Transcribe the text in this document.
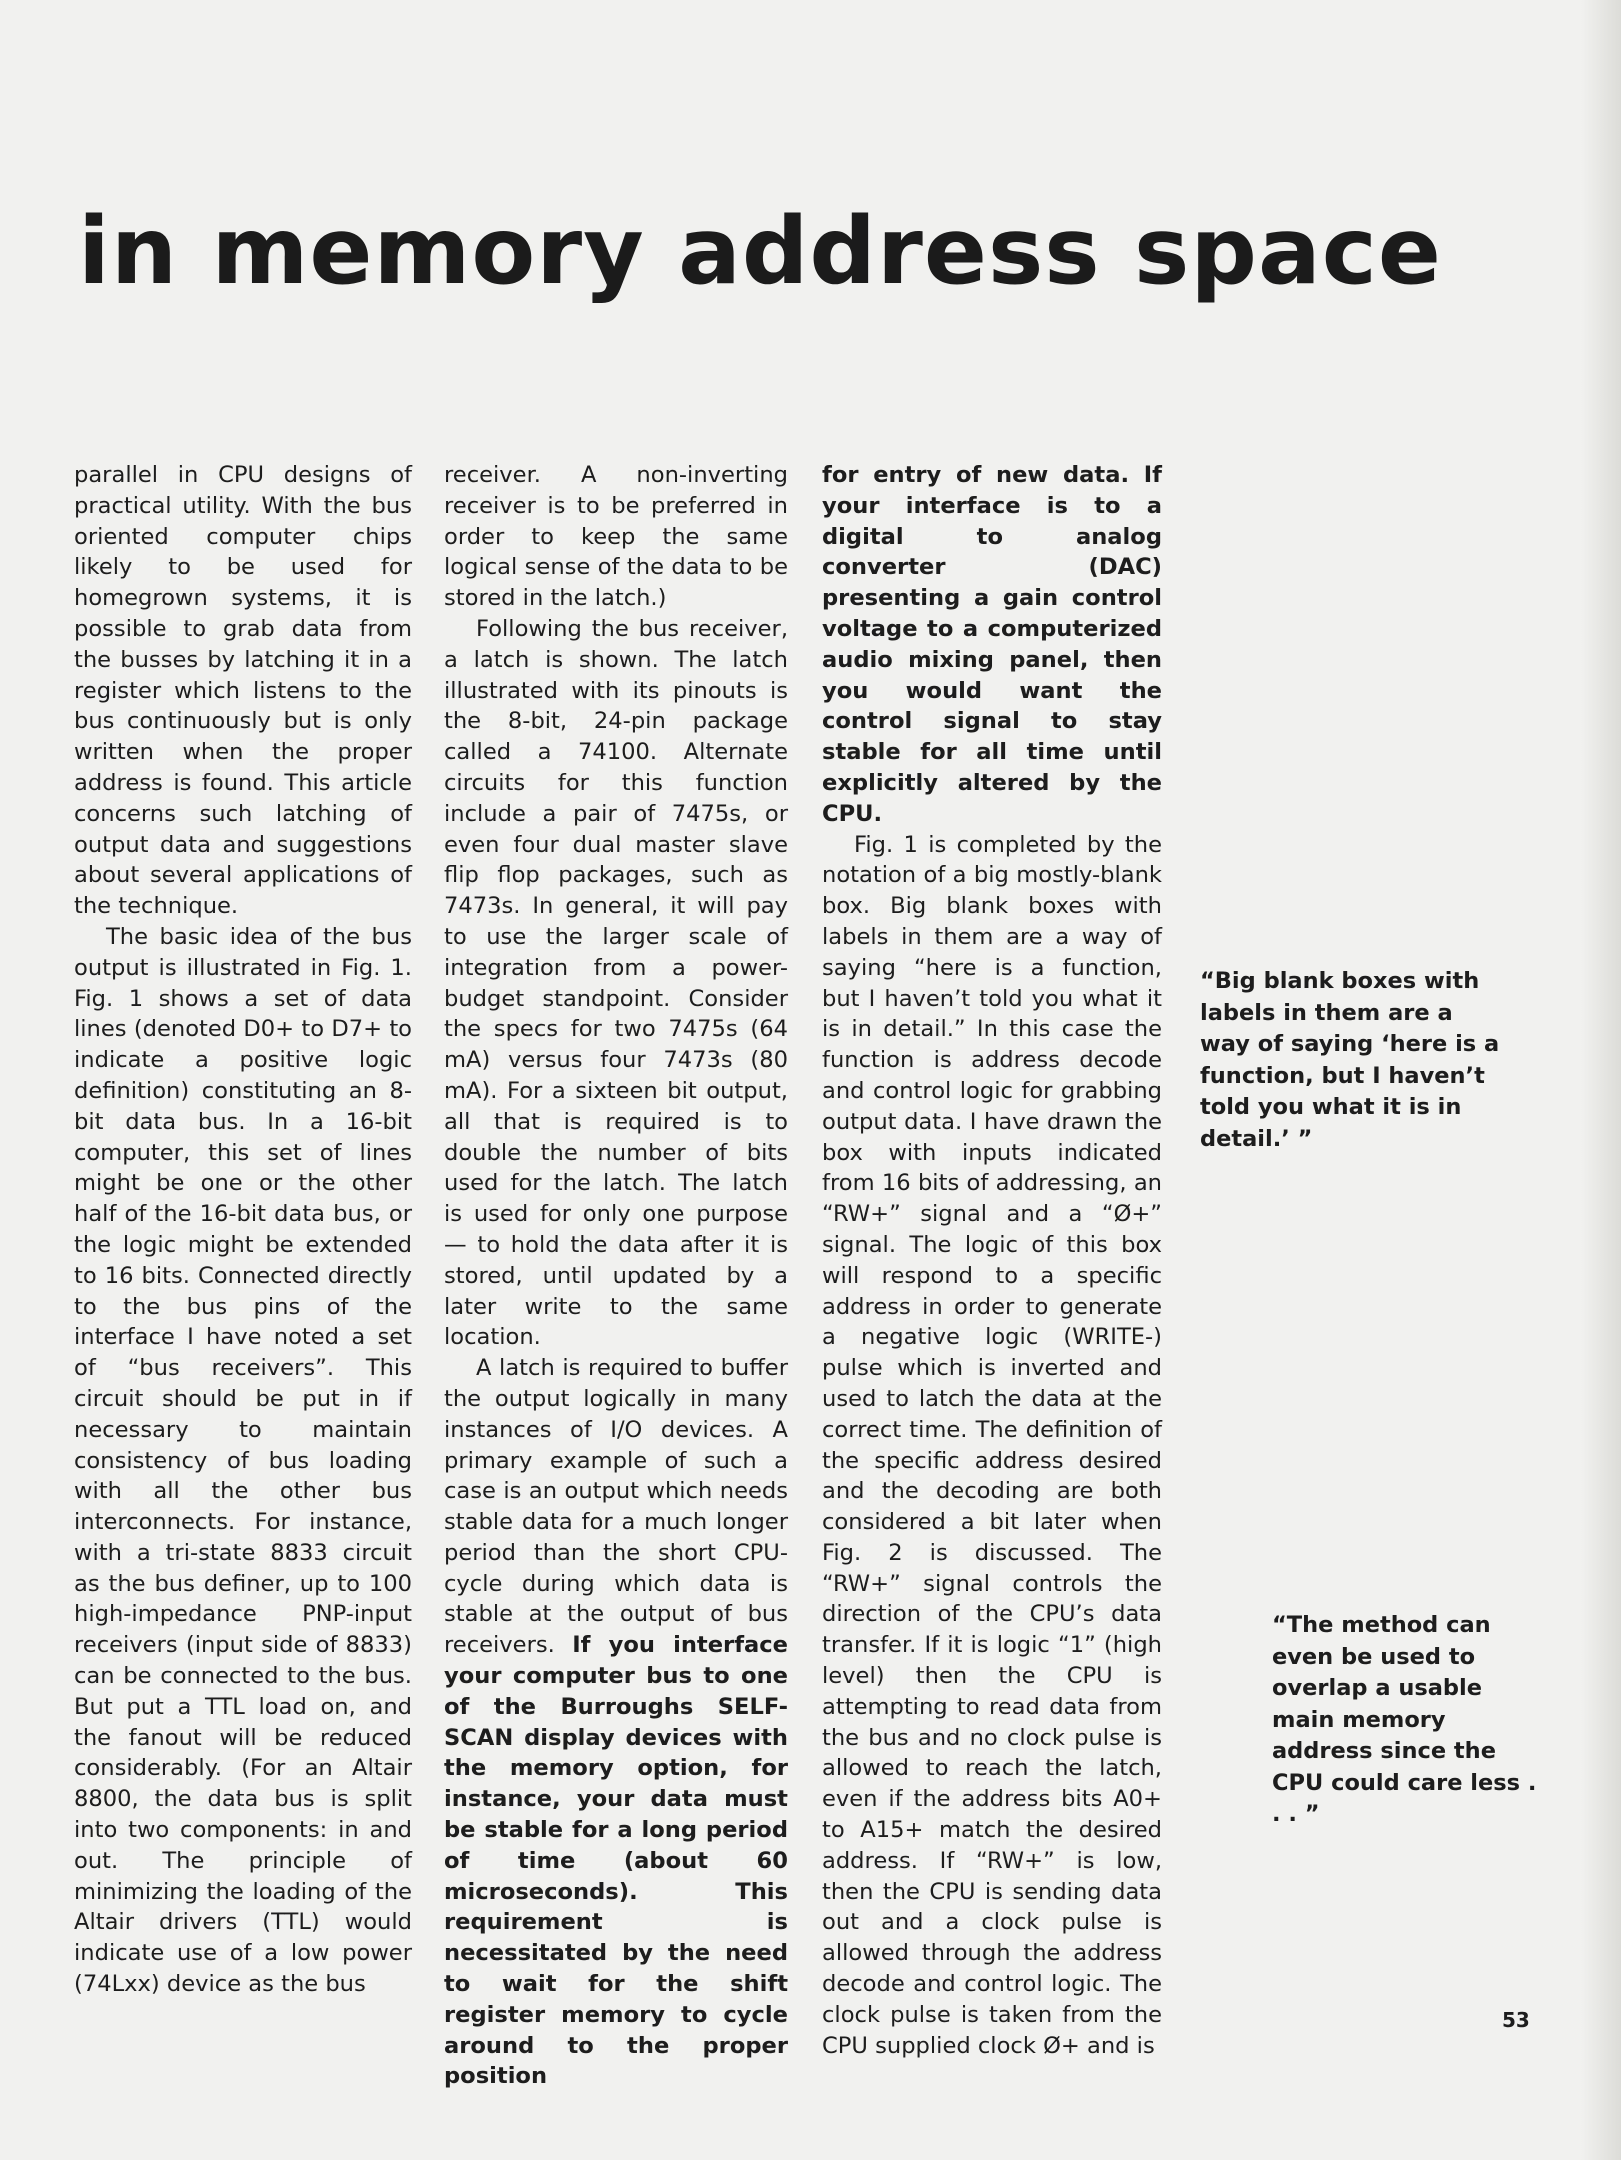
in memory address space

parallel in CPU designs of practical utility. With the bus oriented computer chips likely to be used for homegrown systems, it is possible to grab data from the busses by latching it in a register which listens to the bus continuously but is only written when the proper address is found. This article concerns such latching of output data and suggestions about several applications of the technique.

The basic idea of the bus output is illustrated in Fig. 1. Fig. 1 shows a set of data lines (denoted D0+ to D7+ to indicate a positive logic definition) constituting an 8-bit data bus. In a 16-bit computer, this set of lines might be one or the other half of the 16-bit data bus, or the logic might be extended to 16 bits. Connected directly to the bus pins of the interface I have noted a set of “bus receivers”. This circuit should be put in if necessary to maintain consistency of bus loading with all the other bus interconnects. For instance, with a tri-state 8833 circuit as the bus definer, up to 100 high-impedance PNP-input receivers (input side of 8833) can be connected to the bus. But put a TTL load on, and the fanout will be reduced considerably. (For an Altair 8800, the data bus is split into two components: in and out. The principle of minimizing the loading of the Altair drivers (TTL) would indicate use of a low power (74Lxx) device as the bus

receiver. A non-inverting receiver is to be preferred in order to keep the same logical sense of the data to be stored in the latch.)

Following the bus receiver, a latch is shown. The latch illustrated with its pinouts is the 8-bit, 24-pin package called a 74100. Alternate circuits for this function include a pair of 7475s, or even four dual master slave flip flop packages, such as 7473s. In general, it will pay to use the larger scale of integration from a power-budget standpoint. Consider the specs for two 7475s (64 mA) versus four 7473s (80 mA). For a sixteen bit output, all that is required is to double the number of bits used for the latch. The latch is used for only one purpose — to hold the data after it is stored, until updated by a later write to the same location.

A latch is required to buffer the output logically in many instances of I/O devices. A primary example of such a case is an output which needs stable data for a much longer period than the short CPU-cycle during which data is stable at the output of bus receivers. If you interface your computer bus to one of the Burroughs SELF-SCAN display devices with the memory option, for instance, your data must be stable for a long period of time (about 60 microseconds). This requirement is necessitated by the need to wait for the shift register memory to cycle around to the proper position

for entry of new data. If your interface is to a digital to analog converter (DAC) presenting a gain control voltage to a computerized audio mixing panel, then you would want the control signal to stay stable for all time until explicitly altered by the CPU.

Fig. 1 is completed by the notation of a big mostly-blank box. Big blank boxes with labels in them are a way of saying “here is a function, but I haven’t told you what it is in detail.” In this case the function is address decode and control logic for grabbing output data. I have drawn the box with inputs indicated from 16 bits of addressing, an “RW+” signal and a “Ø+” signal. The logic of this box will respond to a specific address in order to generate a negative logic (WRITE-) pulse which is inverted and used to latch the data at the correct time. The definition of the specific address desired and the decoding are both considered a bit later when Fig. 2 is discussed. The “RW+” signal controls the direction of the CPU’s data transfer. If it is logic “1” (high level) then the CPU is attempting to read data from the bus and no clock pulse is allowed to reach the latch, even if the address bits A0+ to A15+ match the desired address. If “RW+” is low, then the CPU is sending data out and a clock pulse is allowed through the address decode and control logic. The clock pulse is taken from the CPU supplied clock Ø+ and is

“Big blank boxes with labels in them are a way of saying ‘here is a function, but I haven’t told you what it is in detail.’ ”
“The method can even be used to overlap a usable main memory address since the CPU could care less . . . ”
53
